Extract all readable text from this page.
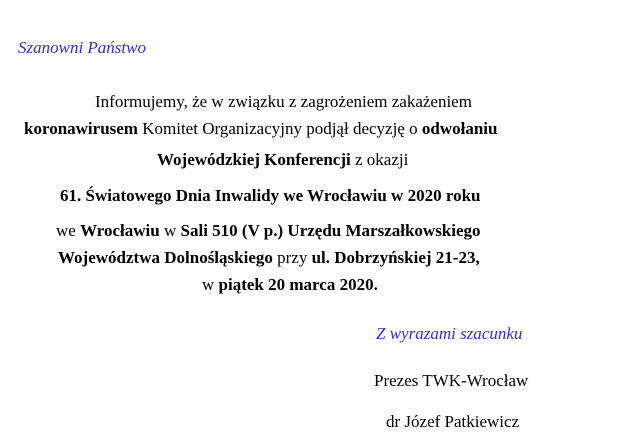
Szanowni Państwo
Informujemy, że w związku z zagrożeniem zakażeniem
koronawirusem Komitet Organizacyjny podjął decyzję o odwołaniu
Wojewódzkiej Konferencji z okazji
61. Światowego Dnia Inwalidy we Wrocławiu w 2020 roku
we Wrocławiu w Sali 510 (V p.) Urzędu Marszałkowskiego
Województwa Dolnośląskiego przy ul. Dobrzyńskiej 21-23,
w piątek 20 marca 2020.
Z wyrazami szacunku
Prezes TWK-Wrocław
dr Józef Patkiewicz
